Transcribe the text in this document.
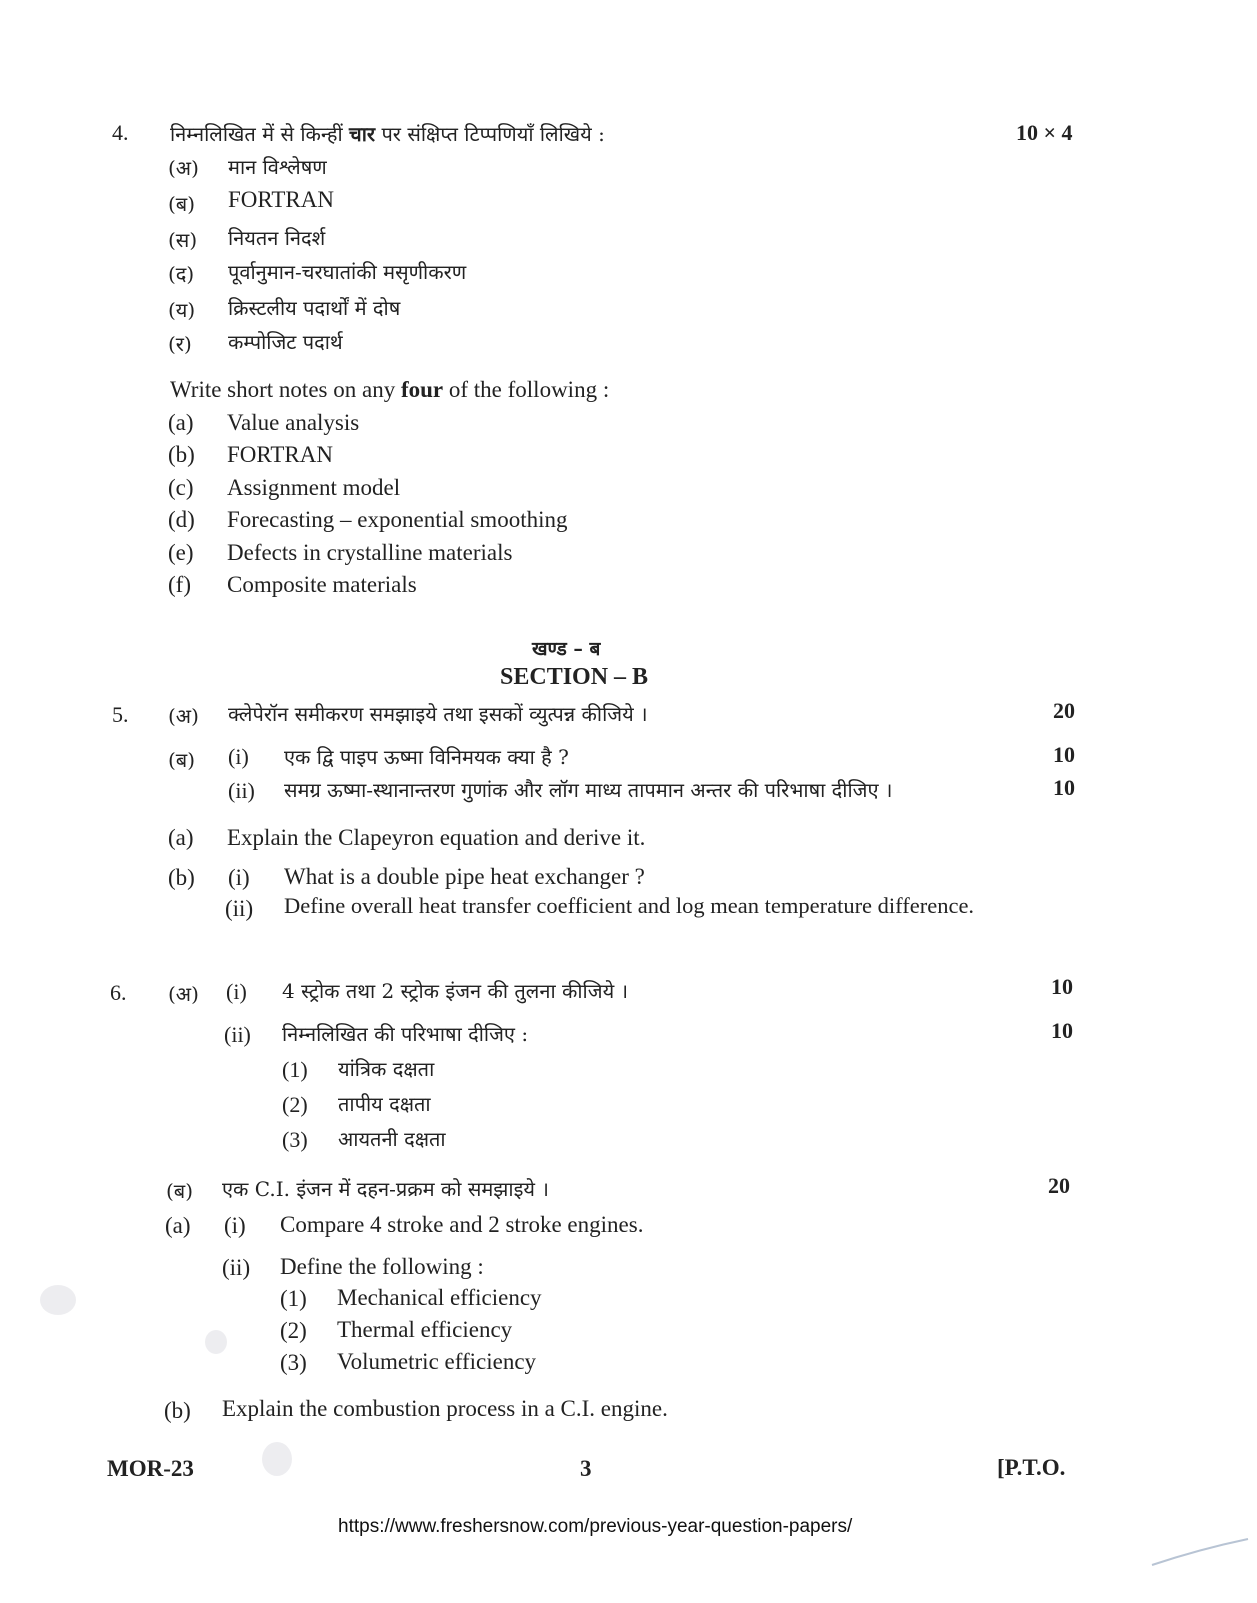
4. निम्नलिखित में से किन्हीं चार पर संक्षिप्त टिप्पणियाँ लिखिये :	10 × 4
(अ) मान विश्लेषण
(ब) FORTRAN
(स) नियतन निदर्श
(द) पूर्वानुमान-चरघातांकी मसृणीकरण
(य) क्रिस्टलीय पदार्थों में दोष
(र) कम्पोजिट पदार्थ
Write short notes on any four of the following :
(a) Value analysis
(b) FORTRAN
(c) Assignment model
(d) Forecasting – exponential smoothing
(e) Defects in crystalline materials
(f) Composite materials
खण्ड – ब
SECTION – B
5. (अ) क्लेपेरॉन समीकरण समझाइये तथा इसकों व्युत्पन्न कीजिये ।	20
(ब) (i) एक द्वि पाइप ऊष्मा विनिमयक क्या है ?	10
(ii) समग्र ऊष्मा-स्थानान्तरण गुणांक और लॉग माध्य तापमान अन्तर की परिभाषा दीजिए ।	10
(a) Explain the Clapeyron equation and derive it.
(b) (i) What is a double pipe heat exchanger ?
(ii) Define overall heat transfer coefficient and log mean temperature difference.
6. (अ) (i) 4 स्ट्रोक तथा 2 स्ट्रोक इंजन की तुलना कीजिये ।	10
(ii) निम्नलिखित की परिभाषा दीजिए :	10
(1) यांत्रिक दक्षता
(2) तापीय दक्षता
(3) आयतनी दक्षता
(ब) एक C.I. इंजन में दहन-प्रक्रम को समझाइये ।	20
(a) (i) Compare 4 stroke and 2 stroke engines.
(ii) Define the following :
(1) Mechanical efficiency
(2) Thermal efficiency
(3) Volumetric efficiency
(b) Explain the combustion process in a C.I. engine.
MOR-23	3	[P.T.O.
https://www.freshersnow.com/previous-year-question-papers/
